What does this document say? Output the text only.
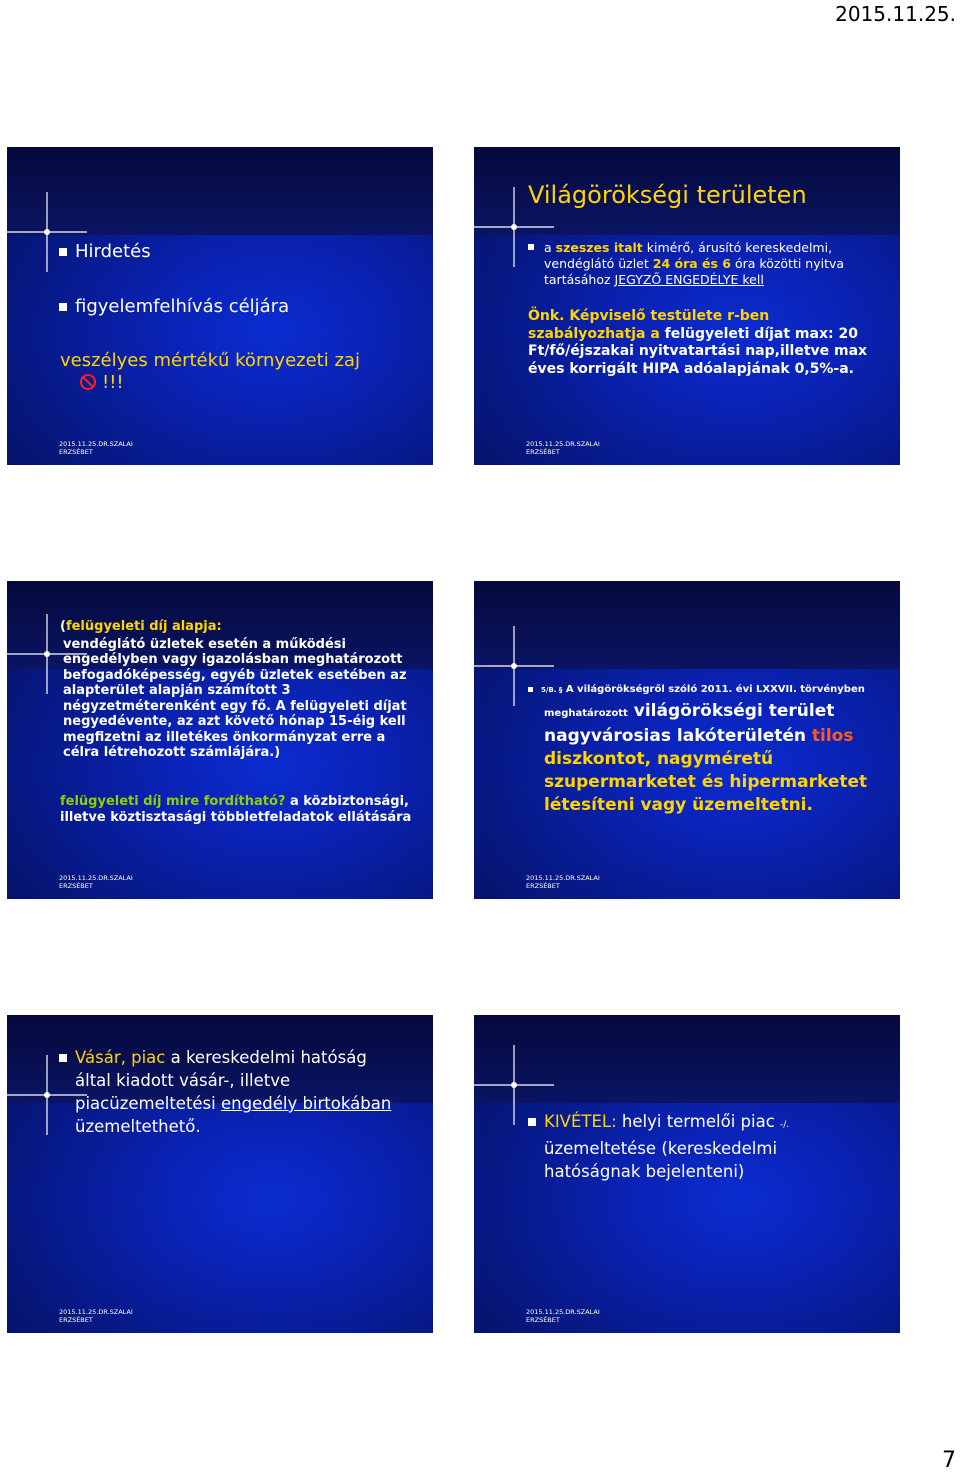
2015.11.25.
Hirdetés
figyelemfelhívás céljára
veszélyes mértékű környezeti zaj
!!!
2015.11.25.DR.SZALAI
ERZSÉBET
Világörökségi területen
a szeszes italt kimérő, árusító kereskedelmi, vendéglátó üzlet 24 óra és 6 óra közötti nyitva tartásához JEGYZŐ ENGEDÉLYE kell
Önk. Képviselő testülete r-ben szabályozhatja a felügyeleti díjat max: 20 Ft/fő/éjszakai nyitvatartási nap,illetve max éves korrigált HIPA adóalapjának 0,5%-a.
2015.11.25.DR.SZALAI
ERZSÉBET
(felügyeleti díj alapja:
vendéglátó üzletek esetén a működési engedélyben vagy igazolásban meghatározott befogadóképesség, egyéb üzletek esetében az alapterület alapján számított 3 négyzetméterenként egy fő. A felügyeleti díjat negyedévente, az azt követő hónap 15-éig kell megfizetni az illetékes önkormányzat erre a célra létrehozott számlájára.)
felügyeleti díj mire fordítható? a közbiztonsági, illetve köztisztasági többletfeladatok ellátására
2015.11.25.DR.SZALAI
ERZSÉBET
5/B. § A világörökségről szóló 2011. évi LXXVII. törvényben
meghatározott világörökségi terület nagyvárosias lakóterületén tilos diszkontot, nagyméretű szupermarketet és hipermarketet létesíteni vagy üzemeltetni.
2015.11.25.DR.SZALAI
ERZSÉBET
Vásár, piac a kereskedelmi hatóság által kiadott vásár-, illetve piacüzemeltetési engedély birtokában üzemeltethető.
2015.11.25.DR.SZALAI
ERZSÉBET
KIVÉTEL: helyi termelői piac -/. üzemeltetése (kereskedelmi hatóságnak bejelenteni)
2015.11.25.DR.SZALAI
ERZSÉBET
7
